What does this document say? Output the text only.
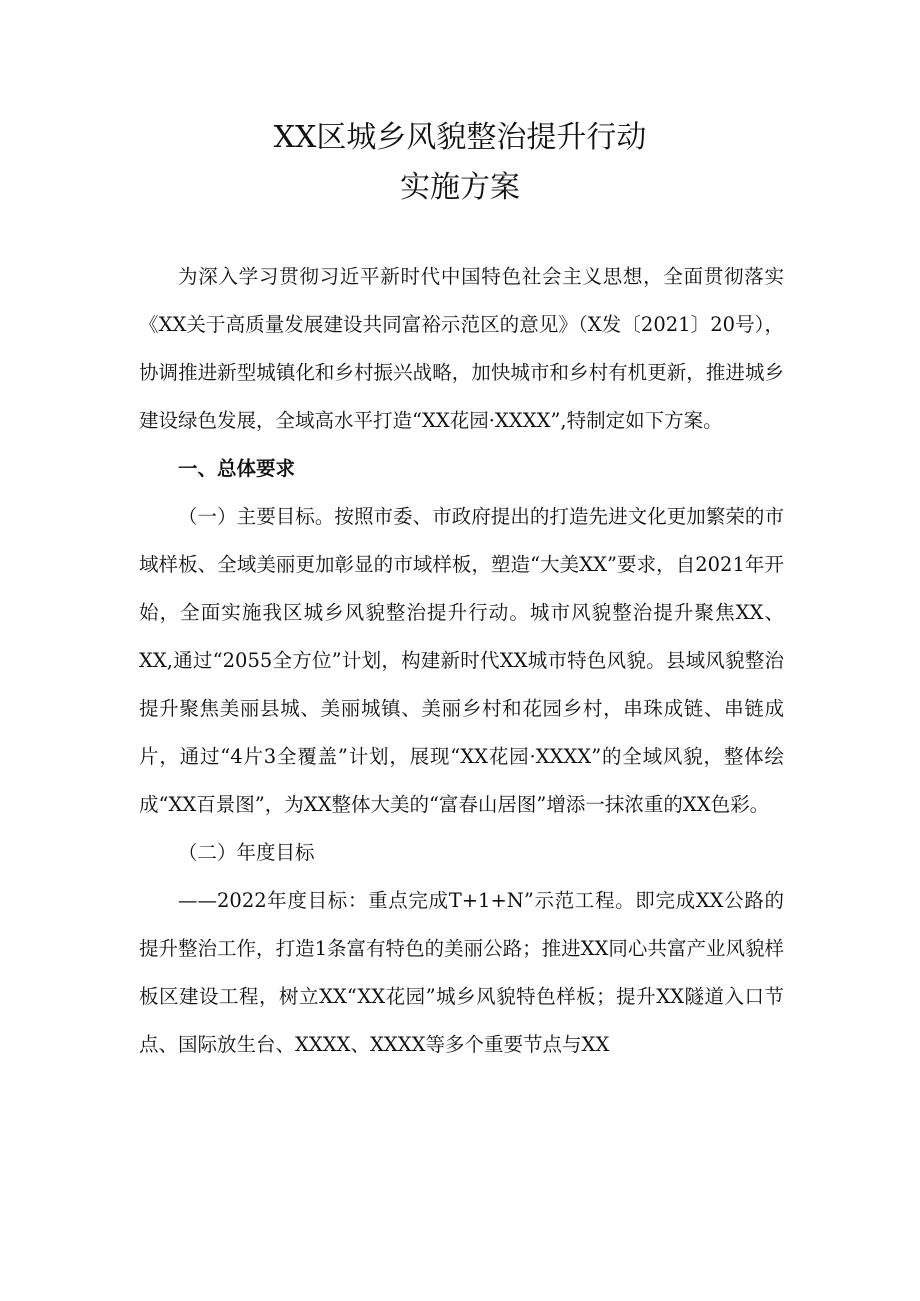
XX区城乡风貌整治提升行动
实施方案

为深入学习贯彻习近平新时代中国特色社会主义思想，全面贯彻落实《XX关于高质量发展建设共同富裕示范区的意见》（X发〔2021〕20号），协调推进新型城镇化和乡村振兴战略，加快城市和乡村有机更新，推进城乡建设绿色发展，全域高水平打造“XX花园·XXXX”,特制定如下方案。

一、总体要求

（一）主要目标。按照市委、市政府提出的打造先进文化更加繁荣的市域样板、全域美丽更加彰显的市域样板，塑造“大美XX”要求，自2021年开始，全面实施我区城乡风貌整治提升行动。城市风貌整治提升聚焦XX、XX,通过“2055全方位”计划，构建新时代XX城市特色风貌。县域风貌整治提升聚焦美丽县城、美丽城镇、美丽乡村和花园乡村，串珠成链、串链成片，通过“4片3全覆盖”计划，展现“XX花园·XXXX”的全域风貌，整体绘成“XX百景图”，为XX整体大美的“富春山居图”增添一抹浓重的XX色彩。

（二）年度目标

——2022年度目标：重点完成T+1+N”示范工程。即完成XX公路的提升整治工作，打造1条富有特色的美丽公路；推进XX同心共富产业风貌样板区建设工程，树立XX“XX花园”城乡风貌特色样板；提升XX隧道入口节点、国际放生台、XXXX、XXXX等多个重要节点与XX
